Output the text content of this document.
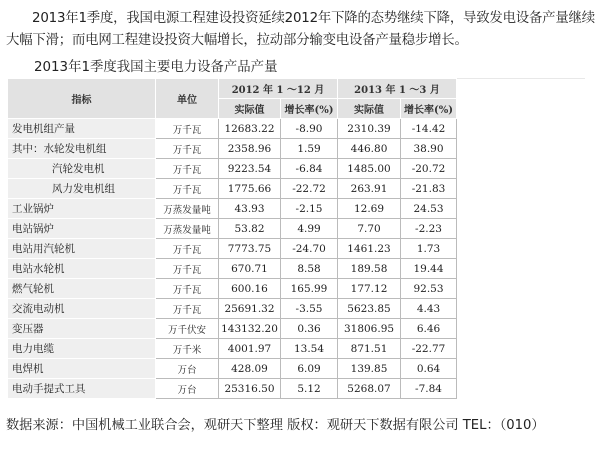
2013年1季度，我国电源工程建设投资延续2012年下降的态势继续下降，导致发电设备产量继续大幅下滑；而电网工程建设投资大幅增长，拉动部分输变电设备产量稳步增长。
2013年1季度我国主要电力设备产品产量
指标	单位	2012 年 1 ～12 月		2013 年 1 ～3 月		
		实际值	增长率(%)	实际值	增长率(%)	
发电机组产量	万千瓦	12683.22	-8.90	2310.39	-14.42	
其中：水轮发电机组	万千瓦	2358.96	1.59	446.80	38.90	
汽轮发电机	万千瓦	9223.54	-6.84	1485.00	-20.72	
风力发电机组	万千瓦	1775.66	-22.72	263.91	-21.83	
工业锅炉	万蒸发量吨	43.93	-2.15	12.69	24.53	
电站锅炉	万蒸发量吨	53.82	4.99	7.70	-2.23	
电站用汽轮机	万千瓦	7773.75	-24.70	1461.23	1.73	
电站水轮机	万千瓦	670.71	8.58	189.58	19.44	
燃气轮机	万千瓦	600.16	165.99	177.12	92.53	
交流电动机	万千瓦	25691.32	-3.55	5623.85	4.43	
变压器	万千伏安	143132.20	0.36	31806.95	6.46	
电力电缆	万千米	4001.97	13.54	871.51	-22.77	
电焊机	万台	428.09	6.09	139.85	0.64	
电动手提式工具	万台	25316.50	5.12	5268.07	-7.84	
数据来源：中国机械工业联合会，观研天下整理 版权：观研天下数据有限公司 TEL：（010）
